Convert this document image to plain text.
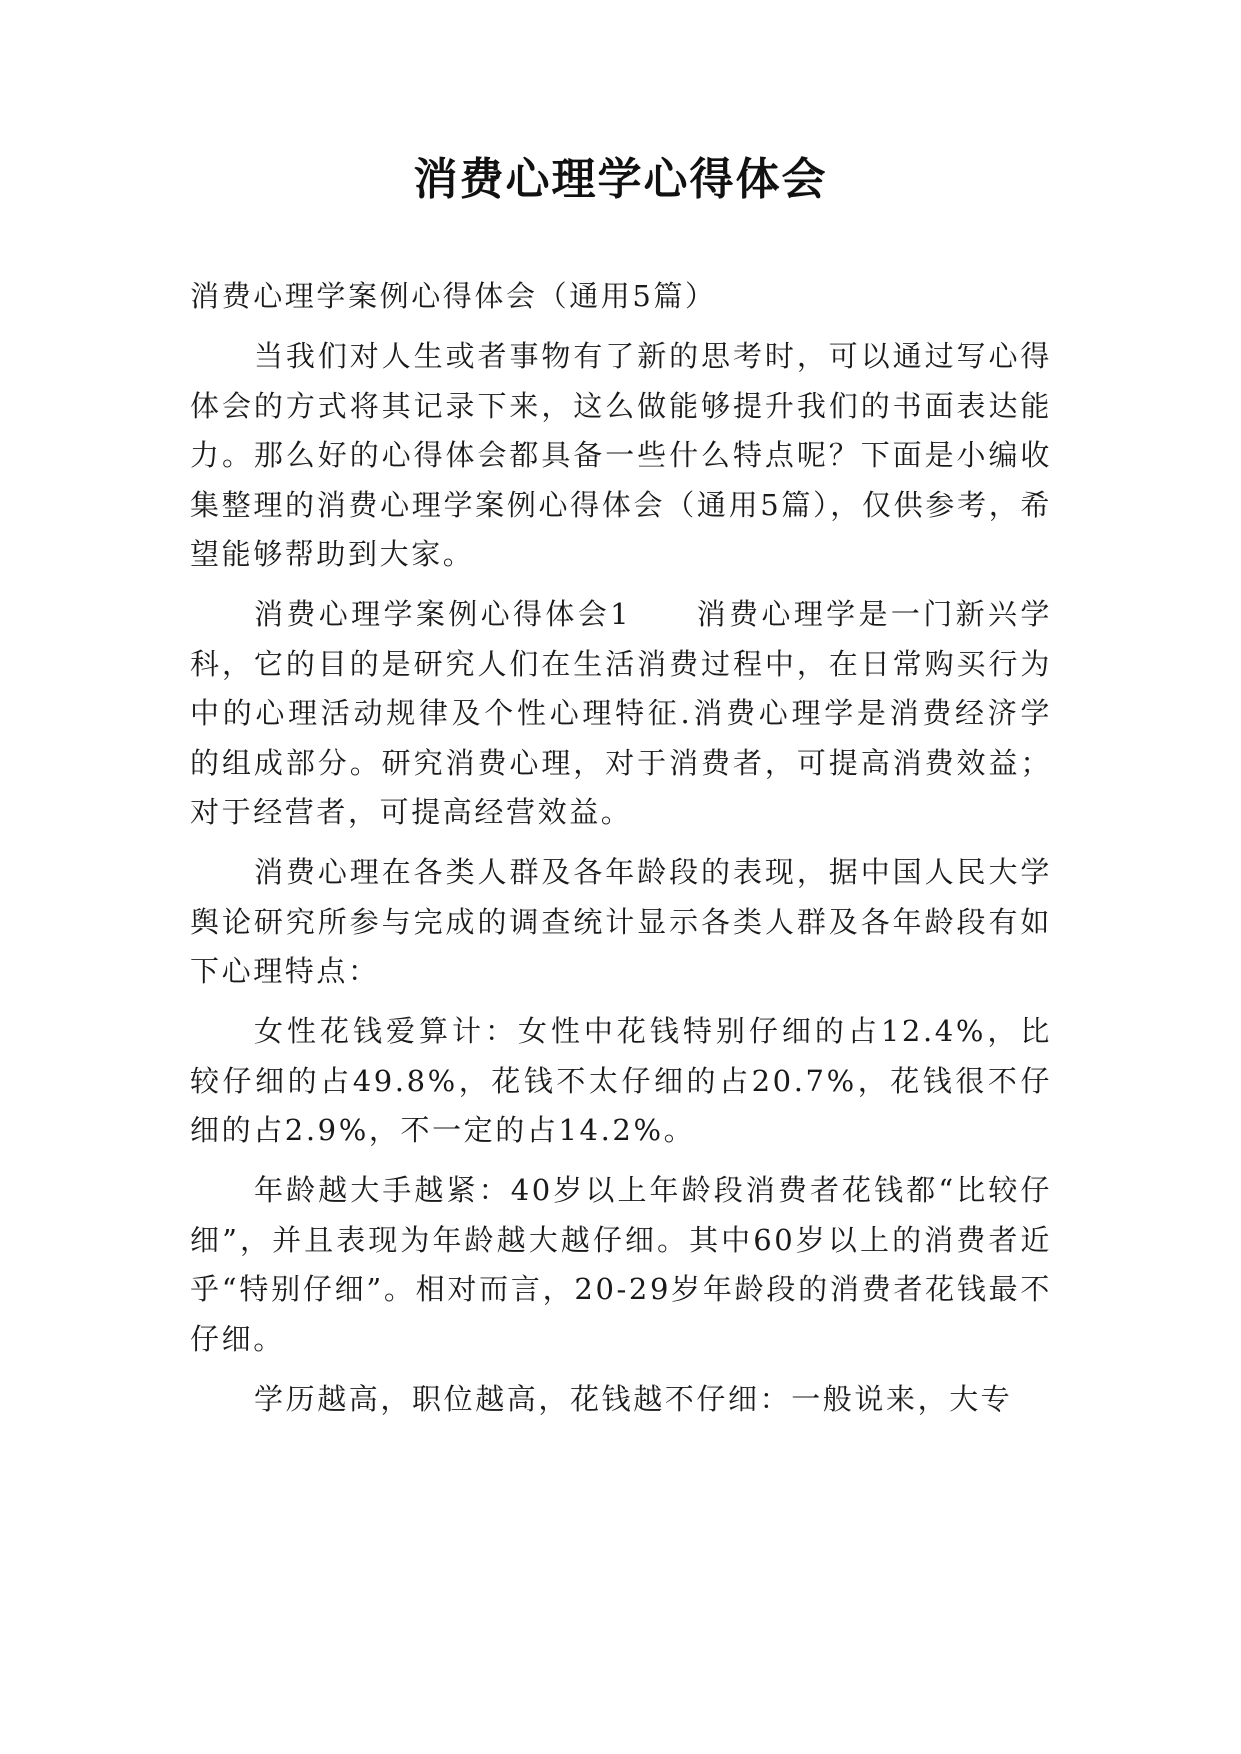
消费心理学心得体会

消费心理学案例心得体会（通用5篇）

当我们对人生或者事物有了新的思考时，可以通过写心得体会的方式将其记录下来，这么做能够提升我们的书面表达能力。那么好的心得体会都具备一些什么特点呢？下面是小编收集整理的消费心理学案例心得体会（通用5篇），仅供参考，希望能够帮助到大家。

消费心理学案例心得体会1　　消费心理学是一门新兴学科，它的目的是研究人们在生活消费过程中，在日常购买行为中的心理活动规律及个性心理特征.消费心理学是消费经济学的组成部分。研究消费心理，对于消费者，可提高消费效益；对于经营者，可提高经营效益。

消费心理在各类人群及各年龄段的表现，据中国人民大学舆论研究所参与完成的调查统计显示各类人群及各年龄段有如下心理特点：

女性花钱爱算计：女性中花钱特别仔细的占12.4%，比较仔细的占49.8%，花钱不太仔细的占20.7%，花钱很不仔细的占2.9%，不一定的占14.2%。

年龄越大手越紧：40岁以上年龄段消费者花钱都“比较仔细”，并且表现为年龄越大越仔细。其中60岁以上的消费者近乎“特别仔细”。相对而言，20-29岁年龄段的消费者花钱最不仔细。

学历越高，职位越高，花钱越不仔细：一般说来，大专
